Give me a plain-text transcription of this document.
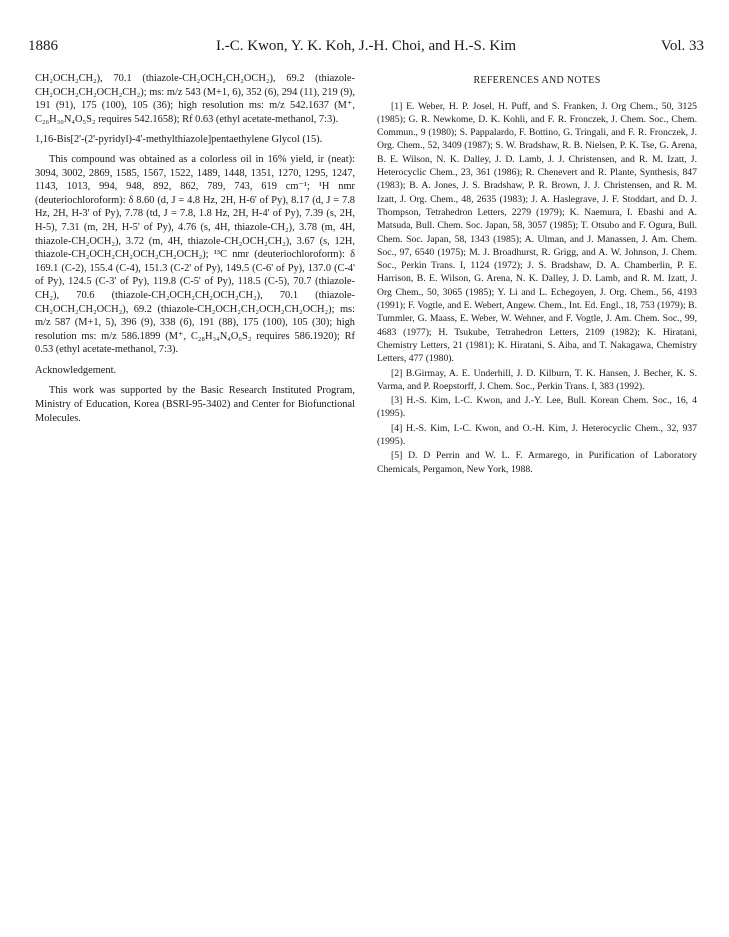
1886	I.-C. Kwon, Y. K. Koh, J.-H. Choi, and H.-S. Kim	Vol. 33

CH₂OCH₂CH₂), 70.1 (thiazole-CH₂OCH₂CH₂OCH₂), 69.2 (thiazole-CH₂OCH₂CH₂OCH₂CH₂); ms: m/z 543 (M+1, 6), 352 (6), 294 (11), 219 (9), 191 (91), 175 (100), 105 (36); high resolution ms: m/z 542.1637 (M⁺, C₂₆H₃₀N₄O₅S₂ requires 542.1658); Rf 0.63 (ethyl acetate-methanol, 7:3).

1,16-Bis[2'-(2'-pyridyl)-4'-methylthiazole]pentaethylene Glycol (15).

This compound was obtained as a colorless oil in 16% yield, ir (neat): 3094, 3002, 2869, 1585, 1567, 1522, 1489, 1448, 1351, 1270, 1295, 1247, 1143, 1013, 994, 948, 892, 862, 789, 743, 619 cm⁻¹; ¹H nmr (deuteriochloroform): δ 8.60 (d, J = 4.8 Hz, 2H, H-6' of Py), 8.17 (d, J = 7.8 Hz, 2H, H-3' of Py), 7.78 (td, J = 7.8, 1.8 Hz, 2H, H-4' of Py), 7.39 (s, 2H, H-5), 7.31 (m, 2H, H-5' of Py), 4.76 (s, 4H, thiazole-CH₂), 3.78 (m, 4H, thiazole-CH₂OCH₂), 3.72 (m, 4H, thiazole-CH₂OCH₂CH₂), 3.67 (s, 12H, thiazole-CH₂OCH₂CH₂OCH₂CH₂OCH₂); ¹³C nmr (deuteriochloroform): δ 169.1 (C-2), 155.4 (C-4), 151.3 (C-2' of Py), 149.5 (C-6' of Py), 137.0 (C-4' of Py), 124.5 (C-3' of Py), 119.8 (C-5' of Py), 118.5 (C-5), 70.7 (thiazole-CH₂), 70.6 (thiazole-CH₂OCH₂CH₂OCH₂CH₂), 70.1 (thiazole-CH₂OCH₂CH₂OCH₂), 69.2 (thiazole-CH₂OCH₂CH₂OCH₂CH₂OCH₂); ms: m/z 587 (M+1, 5), 396 (9), 338 (6), 191 (88), 175 (100), 105 (30); high resolution ms: m/z 586.1899 (M⁺, C₂₈H₃₄N₄O₆S₂ requires 586.1920); Rf 0.53 (ethyl acetate-methanol, 7:3).

Acknowledgement.

This work was supported by the Basic Research Instituted Program, Ministry of Education, Korea (BSRI-95-3402) and Center for Biofunctional Molecules.

REFERENCES AND NOTES

[1] E. Weber, H. P. Josel, H. Puff, and S. Franken, J. Org Chem., 50, 3125 (1985); G. R. Newkome, D. K. Kohli, and F. R. Fronczek, J. Chem. Soc., Chem. Commun., 9 (1980); S. Pappalardo, F. Bottino, G. Tringali, and F. R. Fronczek, J. Org. Chem., 52, 3409 (1987); S. W. Bradshaw, R. B. Nielsen, P. K. Tse, G. Arena, B. E. Wilson, N. K. Dalley, J. D. Lamb, J. J. Christensen, and R. M. Izatt, J. Heterocyclic Chem., 23, 361 (1986); R. Chenevert and R. Plante, Synthesis, 847 (1983); B. A. Jones, J. S. Bradshaw, P. R. Brown, J. J. Christensen, and R. M. Izatt, J. Org. Chem., 48, 2635 (1983); J. A. Haslegrave, J. F. Stoddart, and D. J. Thompson, Tetrahedron Letters, 2279 (1979); K. Naemura, I. Ebashi and A. Matsuda, Bull. Chem. Soc. Japan, 58, 3057 (1985); T. Otsubo and F. Ogura, Bull. Chem. Soc. Japan, 58, 1343 (1985); A. Ulman, and J. Manassen, J. Am. Chem. Soc., 97, 6540 (1975); M. J. Broadhurst, R. Grigg, and A. W. Johnson, J. Chem. Soc., Perkin Trans. I, 1124 (1972); J. S. Bradshaw, D. A. Chamberlin, P. E. Harrison, B. E. Wilson, G. Arena, N. K. Dalley, J. D. Lamb, and R. M. Izatt, J. Org Chem., 50, 3065 (1985); Y. Li and L. Echegoyen, J. Org. Chem., 56, 4193 (1991); F. Vogtle, and E. Webert, Angew. Chem., Int. Ed. Engl., 18, 753 (1979); B. Tummler, G. Maass, E. Weber, W. Wehner, and F. Vogtle, J. Am. Chem. Soc., 99, 4683 (1977); H. Tsukube, Tetrahedron Letters, 2109 (1982); K. Hiratani, Chemistry Letters, 21 (1981); K. Hiratani, S. Aiba, and T. Nakagawa, Chemistry Letters, 477 (1980).

[2] B.Girmay, A. E. Underhill, J. D. Kilburn, T. K. Hansen, J. Becher, K. S. Varma, and P. Roepstorff, J. Chem. Soc., Perkin Trans. I, 383 (1992).

[3] H.-S. Kim, I.-C. Kwon, and J.-Y. Lee, Bull. Korean Chem. Soc., 16, 4 (1995).

[4] H.-S. Kim, I.-C. Kwon, and O.-H. Kim, J. Heterocyclic Chem., 32, 937 (1995).

[5] D. D Perrin and W. L. F. Armarego, in Purification of Laboratory Chemicals, Pergamon, New York, 1988.
